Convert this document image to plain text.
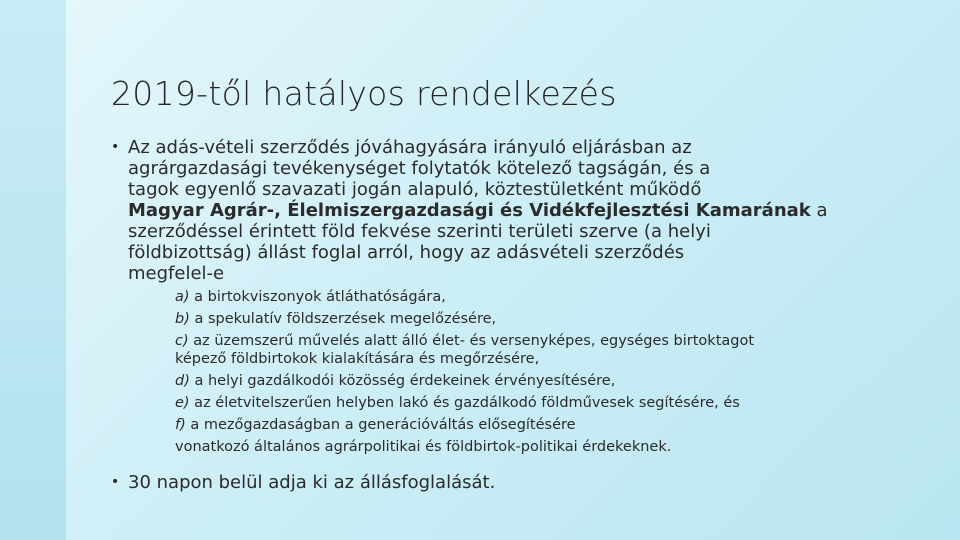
2019-től hatályos rendelkezés
• Az adás-vételi szerződés jóváhagyására irányuló eljárásban az
agrárgazdasági tevékenységet folytatók kötelező tagságán, és a
tagok egyenlő szavazati jogán alapuló, köztestületként működő
Magyar Agrár-, Élelmiszergazdasági és Vidékfejlesztési Kamarának a
szerződéssel érintett föld fekvése szerinti területi szerve (a helyi
földbizottság) állást foglal arról, hogy az adásvételi szerződés
megfelel-e
a) a birtokviszonyok átláthatóságára,
b) a spekulatív földszerzések megelőzésére,
c) az üzemszerű művelés alatt álló élet- és versenyképes, egységes birtoktagot
képező földbirtokok kialakítására és megőrzésére,
d) a helyi gazdálkodói közösség érdekeinek érvényesítésére,
e) az életvitelszerűen helyben lakó és gazdálkodó földművesek segítésére, és
f) a mezőgazdaságban a generációváltás elősegítésére
vonatkozó általános agrárpolitikai és földbirtok-politikai érdekeknek.
• 30 napon belül adja ki az állásfoglalását.
